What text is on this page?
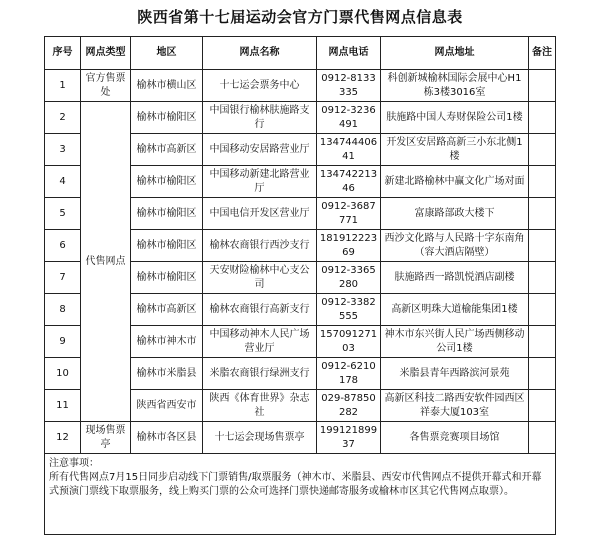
陕西省第十七届运动会官方门票代售网点信息表
序号	网点类型	地区	网点名称	网点电话	网点地址	备注
1	官方售票处	榆林市横山区	十七运会票务中心	0912-8133335	科创新城榆林国际会展中心H1栋3楼3016室	
2	代售网点	榆林市榆阳区	中国银行榆林肤施路支行	0912-3236491	肤施路中国人寿财保险公司1楼	
3		榆林市高新区	中国移动安居路营业厅	13474440641	开发区安居路高新三小东北侧1楼	
4		榆林市榆阳区	中国移动新建北路营业厅	13474221346	新建北路榆林中赢文化广场对面	
5		榆林市榆阳区	中国电信开发区营业厅	0912-3687771	富康路部政大楼下	
6		榆林市榆阳区	榆林农商银行西沙支行	18191222369	西沙文化路与人民路十字东南角（容大酒店隔壁）	
7		榆林市榆阳区	天安财险榆林中心支公司	0912-3365280	肤施路西一路凯悦酒店副楼	
8		榆林市高新区	榆林农商银行高新支行	0912-3382555	高新区明珠大道榆能集团1楼	
9		榆林市神木市	中国移动神木人民广场营业厅	15709127103	神木市东兴街人民广场西侧移动公司1楼	
10		榆林市米脂县	米脂农商银行绿洲支行	0912-6210178	米脂县青年西路滨河景苑	
11		陕西省西安市	陕西《体育世界》杂志社	029-87850282	高新区科技二路西安软件园西区祥泰大厦103室	
12	现场售票亭	榆林市各区县	十七运会现场售票亭	19912189937	各售票竞赛项目场馆	

注意事项：
所有代售网点7月15日同步启动线下门票销售/取票服务（神木市、米脂县、西安市代售网点不提供开幕式和开幕式预演门票线下取票服务，线上购买门票的公众可选择门票快递邮寄服务或榆林市区其它代售网点取票）。						
